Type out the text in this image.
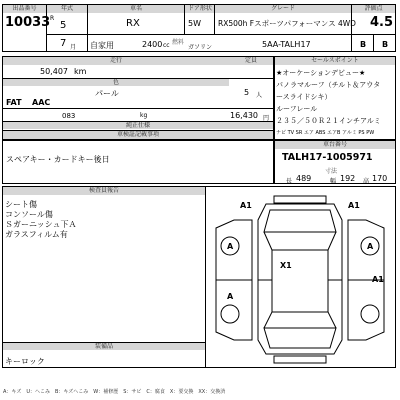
出品番号
10033
年式
R
5
7 月
車名
RX
自家用	2400 cc
ドア形状
5W
燃料
ガソリン
グレード
RX500h Fスポーツパフォーマンス 4WD
5AA-TALH17
評価点
4.5
B B
走行	定員
50,407 km
色
パール	5 人
FAT AAC
083	kg	16,430 円
純正仕様
車検証記載事項
セールスポイント
★オーケーションデビュー★
パノラマルーフ（チルト＆アウタ
ースライドシキ）
ルーフレール
２３５／５０Ｒ２１インチアルミ
ナビ TV SR エア ABS エアB アルミ PS PW
スペアキー・カードキー後日
車台番号
TALH17-1005971
寸法
長 489	幅 192 高 170
検査員報告
シート傷
コンソール傷
Ｓガーニッシュ下Ａ
ガラスフィルム有
A1	A1
A	A
X1
A
A1
装備品
キーロック
A：キズ　U：へこみ　B：キズへこみ　W：補修歴　S：サビ　C：腐食　X：要交換　XX：交換済
